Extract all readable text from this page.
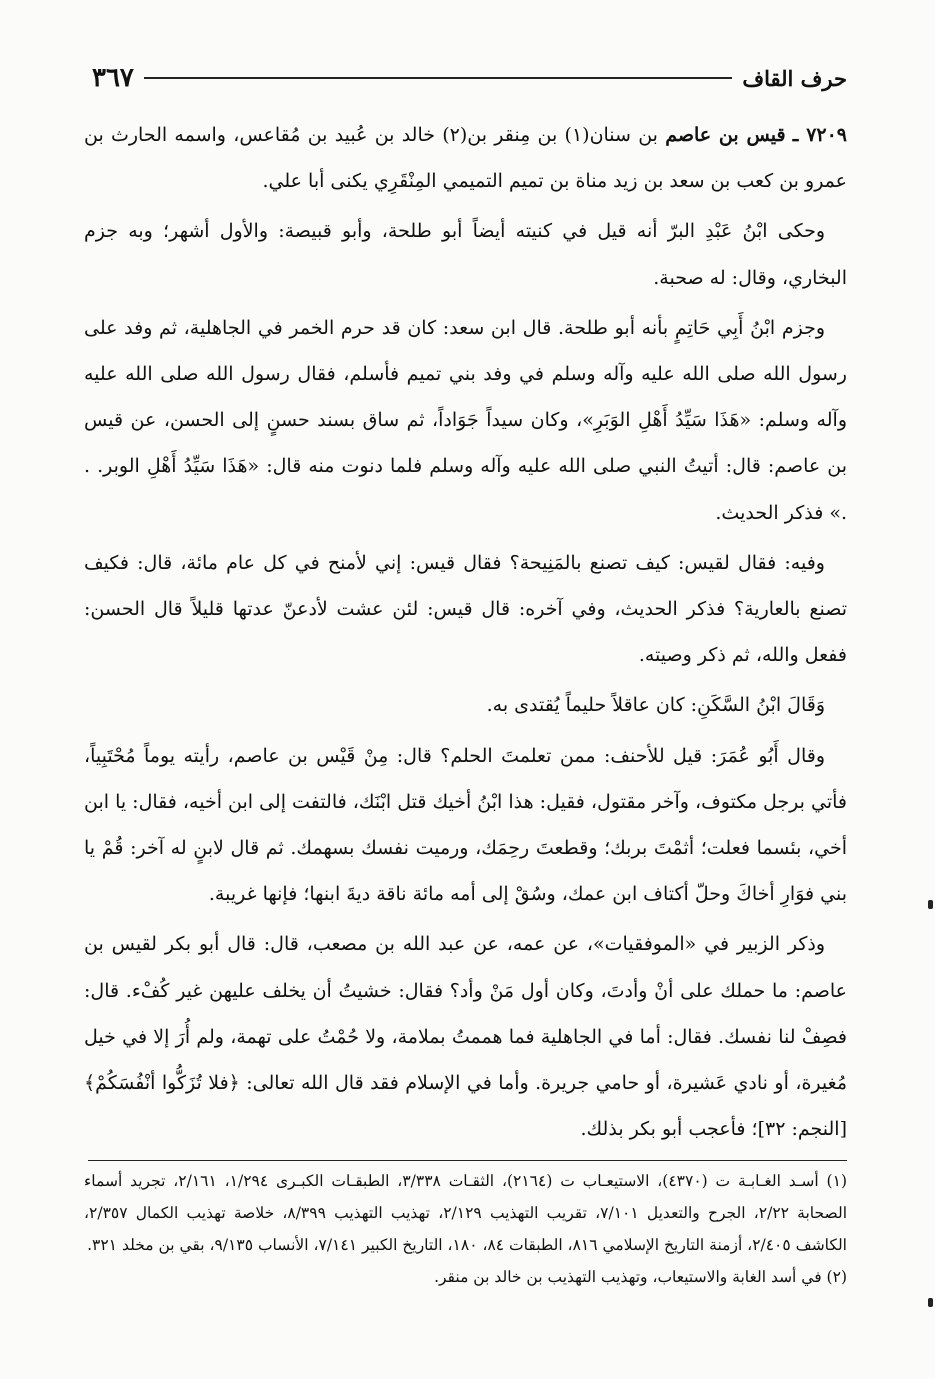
حرف القاف
٣٦٧

٧٢٠٩ ـ قيس بن عاصم بن سنان(١) بن مِنقر بن(٢) خالد بن عُبيد بن مُقاعس، واسمه الحارث بن عمرو بن كعب بن سعد بن زيد مناة بن تميم التميمي المِنْقَرِي يكنى أبا علي.

وحكى ابْنُ عَبْدِ البرّ أنه قيل في كنيته أيضاً أبو طلحة، وأبو قبيصة: والأول أشهر؛ وبه جزم البخاري، وقال: له صحبة.

وجزم ابْنُ أَبِي حَاتِمٍ بأنه أبو طلحة. قال ابن سعد: كان قد حرم الخمر في الجاهلية، ثم وفد على رسول الله صلى الله عليه وآله وسلم في وفد بني تميم فأسلم، فقال رسول الله صلى الله عليه وآله وسلم: «هَذَا سَيِّدُ أَهْلِ الوَبَرِ»، وكان سيداً جَوَاداً، ثم ساق بسند حسنٍ إلى الحسن، عن قيس بن عاصم: قال: أتيتُ النبي صلى الله عليه وآله وسلم فلما دنوت منه قال: «هَذَا سَيِّدُ أَهْلِ الوبر. . .» فذكر الحديث.

وفيه: فقال لقيس: كيف تصنع بالمَنِيحة؟ فقال قيس: إني لأمنح في كل عام مائة، قال: فكيف تصنع بالعارية؟ فذكر الحديث، وفي آخره: قال قيس: لئن عشت لأدعنّ عدتها قليلاً قال الحسن: ففعل والله، ثم ذكر وصيته.

وَقَالَ ابْنُ السَّكَنِ: كان عاقلاً حليماً يُقتدى به.

وقال أَبُو عُمَرَ: قيل للأحنف: ممن تعلمتَ الحلم؟ قال: مِنْ قَيْس بن عاصم، رأيته يوماً مُحْتَبِياً، فأتي برجل مكتوف، وآخر مقتول، فقيل: هذا ابْنُ أخيك قتل ابْنَك، فالتفت إلى ابن أخيه، فقال: يا ابن أخي، بئسما فعلت؛ أثمْتَ بربك؛ وقطعتَ رحِمَك، ورميت نفسك بسهمك. ثم قال لابنٍ له آخر: قُمْ يا بني فوَارِ أخاكَ وحلّ أكتاف ابن عمك، وسُقْ إلى أمه مائة ناقة ديةَ ابنها؛ فإنها غريبة.

وذكر الزبير في «الموفقيات»، عن عمه، عن عبد الله بن مصعب، قال: قال أبو بكر لقيس بن عاصم: ما حملك على أنْ وأدتَ، وكان أول مَنْ وأد؟ فقال: خشيتُ أن يخلف عليهن غير كُفْء. قال: فصِفْ لنا نفسك. فقال: أما في الجاهلية فما هممتُ بملامة، ولا حُمْتُ على تهمة، ولم أُرَ إلا في خيل مُغيرة، أو نادي عَشيرة، أو حامي جريرة. وأما في الإسلام فقد قال الله تعالى: ﴿فلا تُزَكُّوا أنْفُسَكُمْ﴾ [النجم: ٣٢]؛ فأعجب أبو بكر بذلك.

(١) أسـد الغـابـة ت (٤٣٧٠)، الاستيعـاب ت (٢١٦٤)، الثقـات ٣/٣٣٨، الطبقـات الكبـرى ١/٢٩٤، ٢/١٦١، تجريد أسماء الصحابة ٢/٢٢، الجرح والتعديل ٧/١٠١، تقريب التهذيب ٢/١٢٩، تهذيب التهذيب ٨/٣٩٩، خلاصة تهذيب الكمال ٢/٣٥٧، الكاشف ٢/٤٠٥، أزمنة التاريخ الإسلامي ٨١٦، الطبقات ٨٤، ١٨٠، التاريخ الكبير ٧/١٤١، الأنساب ٩/١٣٥، بقي بن مخلد ٣٢١.

(٢) في أسد الغابة والاستيعاب، وتهذيب التهذيب بن خالد بن منقر.
